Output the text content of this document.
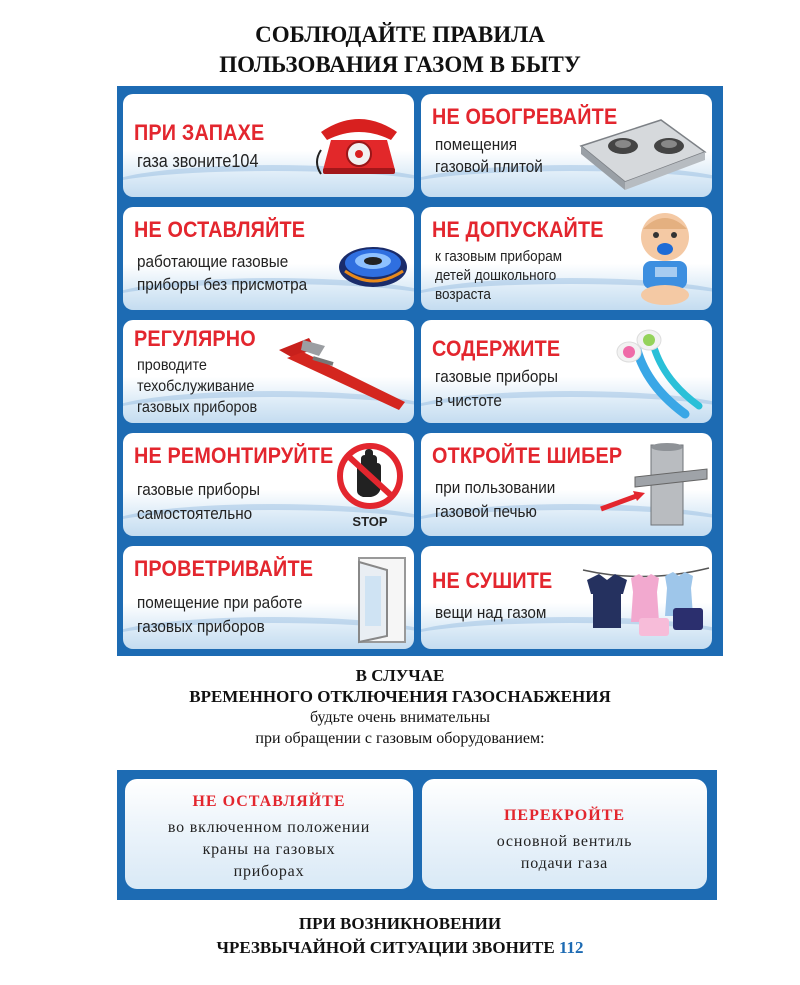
СОБЛЮДАЙТЕ ПРАВИЛА
ПОЛЬЗОВАНИЯ ГАЗОМ В БЫТУ
ПРИ ЗАПАХЕ
газа звоните104
НЕ ОБОГРЕВАЙТЕ
помещения
газовой плитой
НЕ ОСТАВЛЯЙТЕ
работающие газовые
приборы без присмотра
НЕ ДОПУСКАЙТЕ
к газовым приборам
детей дошкольного
возраста
РЕГУЛЯРНО
проводите
техобслуживание
газовых приборов
СОДЕРЖИТЕ
газовые приборы
в чистоте
НЕ РЕМОНТИРУЙТЕ
газовые приборы
самостоятельно	STOP
ОТКРОЙТЕ ШИБЕР
при пользовании
газовой печью
ПРОВЕТРИВАЙТЕ
помещение при работе
газовых приборов
НЕ СУШИТЕ
вещи над газом
В СЛУЧАЕ
ВРЕМЕННОГО ОТКЛЮЧЕНИЯ ГАЗОСНАБЖЕНИЯ
будьте очень внимательны
при обращении с газовым оборудованием:
НЕ ОСТАВЛЯЙТЕ
во включенном положении
краны на газовых
приборах
ПЕРЕКРОЙТЕ
основной вентиль
подачи газа
ПРИ ВОЗНИКНОВЕНИИ
ЧРЕЗВЫЧАЙНОЙ СИТУАЦИИ ЗВОНИТЕ 112
